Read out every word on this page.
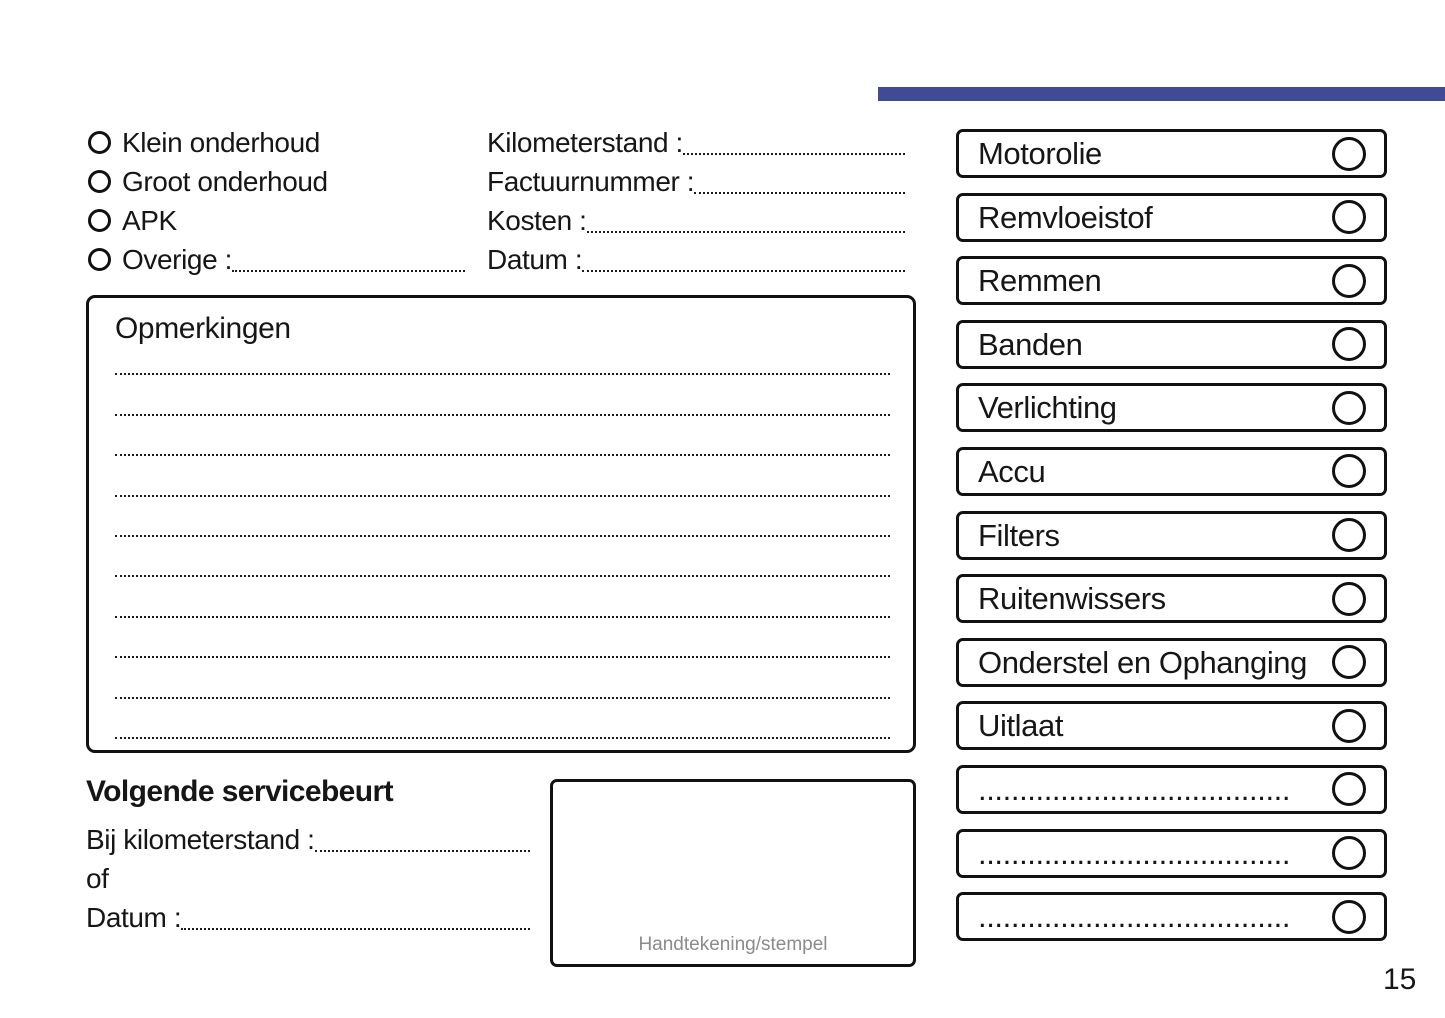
Klein onderhoud
Groot onderhoud
APK
Overige :
Kilometerstand :
Factuurnummer :
Kosten :
Datum :
Opmerkingen
Volgende servicebeurt
Bij kilometerstand :
of
Datum :
Handtekening/stempel
Motorolie
Remvloeistof
Remmen
Banden
Verlichting
Accu
Filters
Ruitenwissers
Onderstel en Ophanging
Uitlaat
......................................
......................................
......................................
15
